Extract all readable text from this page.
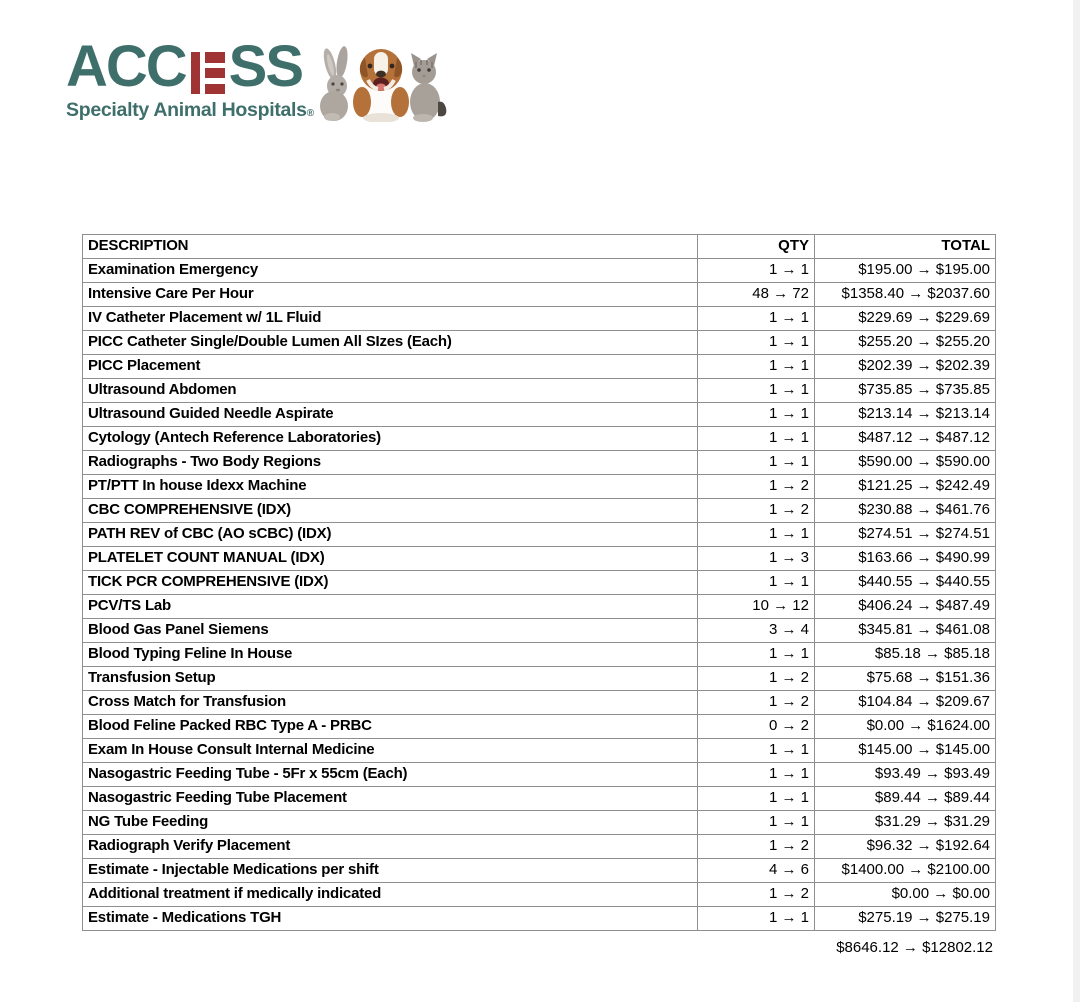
ACC SS
Specialty Animal Hospitals®
DESCRIPTION	QTY	TOTAL
Examination Emergency	1 → 1	$195.00 → $195.00
Intensive Care Per Hour	48 → 72	$1358.40 → $2037.60
IV Catheter Placement w/ 1L Fluid	1 → 1	$229.69 → $229.69
PICC Catheter Single/Double Lumen All SIzes (Each)	1 → 1	$255.20 → $255.20
PICC Placement	1 → 1	$202.39 → $202.39
Ultrasound Abdomen	1 → 1	$735.85 → $735.85
Ultrasound Guided Needle Aspirate	1 → 1	$213.14 → $213.14
Cytology (Antech Reference Laboratories)	1 → 1	$487.12 → $487.12
Radiographs - Two Body Regions	1 → 1	$590.00 → $590.00
PT/PTT In house Idexx Machine	1 → 2	$121.25 → $242.49
CBC COMPREHENSIVE (IDX)	1 → 2	$230.88 → $461.76
PATH REV of CBC (AO sCBC) (IDX)	1 → 1	$274.51 → $274.51
PLATELET COUNT MANUAL (IDX)	1 → 3	$163.66 → $490.99
TICK PCR COMPREHENSIVE (IDX)	1 → 1	$440.55 → $440.55
PCV/TS Lab	10 → 12	$406.24 → $487.49
Blood Gas Panel Siemens	3 → 4	$345.81 → $461.08
Blood Typing Feline In House	1 → 1	$85.18 → $85.18
Transfusion Setup	1 → 2	$75.68 → $151.36
Cross Match for Transfusion	1 → 2	$104.84 → $209.67
Blood Feline Packed RBC Type A - PRBC	0 → 2	$0.00 → $1624.00
Exam In House Consult Internal Medicine	1 → 1	$145.00 → $145.00
Nasogastric Feeding Tube - 5Fr x 55cm (Each)	1 → 1	$93.49 → $93.49
Nasogastric Feeding Tube Placement	1 → 1	$89.44 → $89.44
NG Tube Feeding	1 → 1	$31.29 → $31.29
Radiograph Verify Placement	1 → 2	$96.32 → $192.64
Estimate - Injectable Medications per shift	4 → 6	$1400.00 → $2100.00
Additional treatment if medically indicated	1 → 2	$0.00 → $0.00
Estimate - Medications TGH	1 → 1	$275.19 → $275.19
$8646.12 → $12802.12
